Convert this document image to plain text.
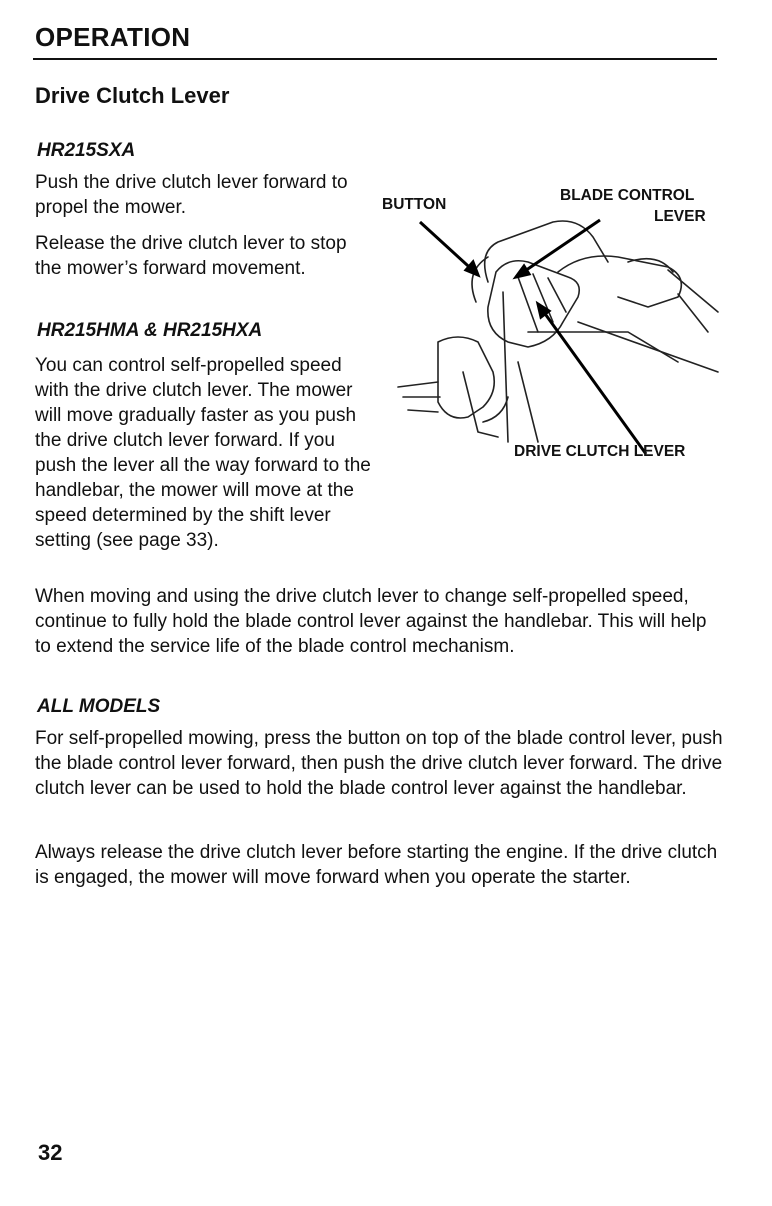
OPERATION
Drive Clutch Lever

HR215SXA

Push the drive clutch lever forward to propel the mower.

Release the drive clutch lever to stop the mower’s forward movement.

HR215HMA & HR215HXA

You can control self-propelled speed with the drive clutch lever. The mower will move gradually faster as you push the drive clutch lever forward. If you push the lever all the way forward to the handlebar, the mower will move at the speed determined by the shift lever setting (see page 33).

When moving and using the drive clutch lever to change self-propelled speed, continue to fully hold the blade control lever against the handlebar. This will help to extend the service life of the blade control mechanism.

ALL MODELS

For self-propelled mowing, press the button on top of the blade control lever, push the blade control lever forward, then push the drive clutch lever forward. The drive clutch lever can be used to hold the blade control lever against the handlebar.

Always release the drive clutch lever before starting the engine. If the drive clutch is engaged, the mower will move forward when you operate the starter.

BUTTON

BLADE CONTROL

LEVER

DRIVE CLUTCH LEVER

32
